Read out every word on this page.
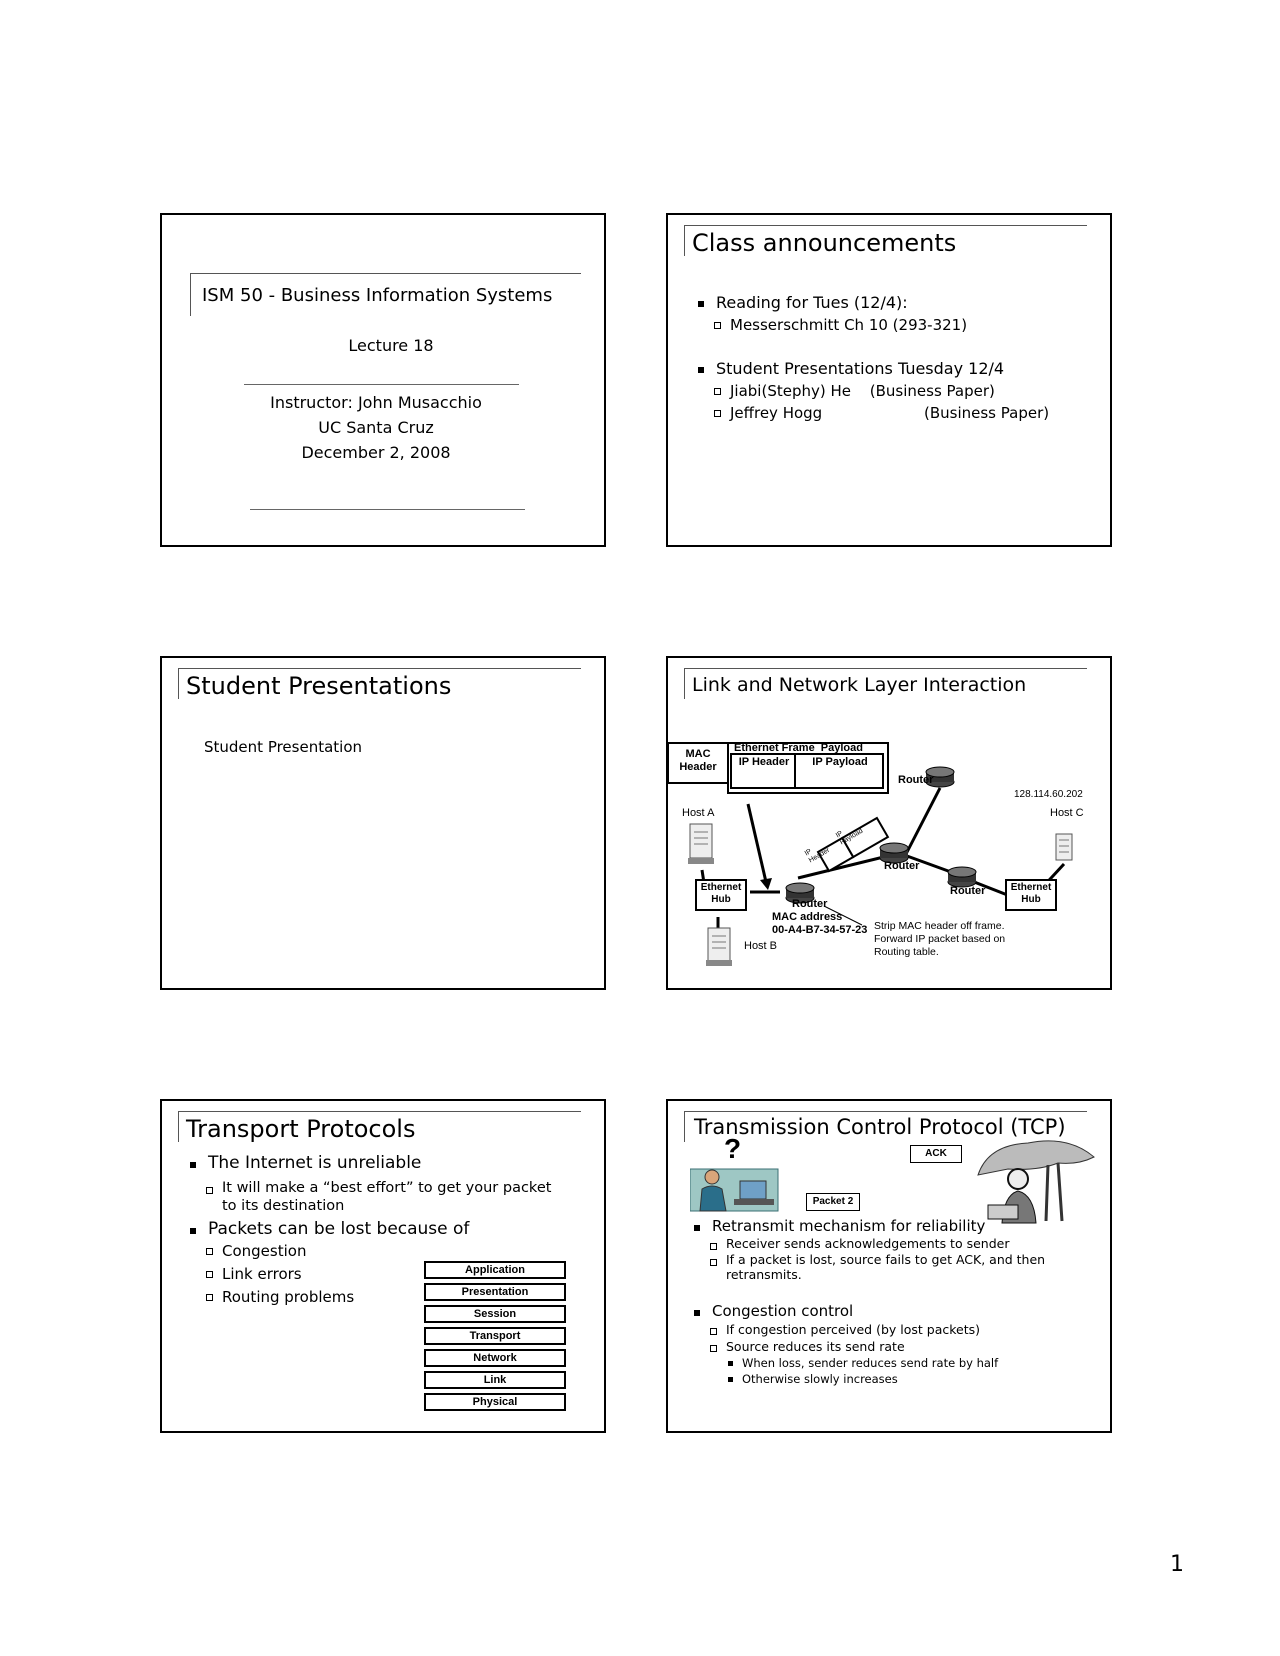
ISM 50 - Business Information Systems
Lecture 18
Instructor: John Musacchio
UC Santa Cruz
December 2, 2008
Class announcements
Reading for Tues (12/4):
Messerschmitt Ch 10 (293-321)
Student Presentations Tuesday 12/4
Jiabi(Stephy) He (Business Paper)
Jeffrey Hogg	(Business Paper)
Student Presentations
Student Presentation
Link and Network Layer Interaction
MAC Header
Ethernet Frame  Payload
IP Header	IP Payload
Router
128.114.60.202
Host A	Host C
Router
Router
Ethernet Hub
Ethernet Hub
Router
MAC address
00-A4-B7-34-57-23
Host B
Strip MAC header off frame.
Forward IP packet based on
Routing table.
IP Header
IP Payload
Transport Protocols
The Internet is unreliable
It will make a “best effort” to get your packet to its destination
Packets can be lost because of
Congestion
Link errors
Routing problems
Application
Presentation
Session
Transport
Network
Link
Physical
Transmission Control Protocol (TCP)
?	ACK
Packet 2
Retransmit mechanism for reliability
Receiver sends acknowledgements to sender
If a packet is lost, source fails to get ACK, and then retransmits.
Congestion control
If congestion perceived (by lost packets)
Source reduces its send rate
When loss, sender reduces send rate by half
Otherwise slowly increases
1
